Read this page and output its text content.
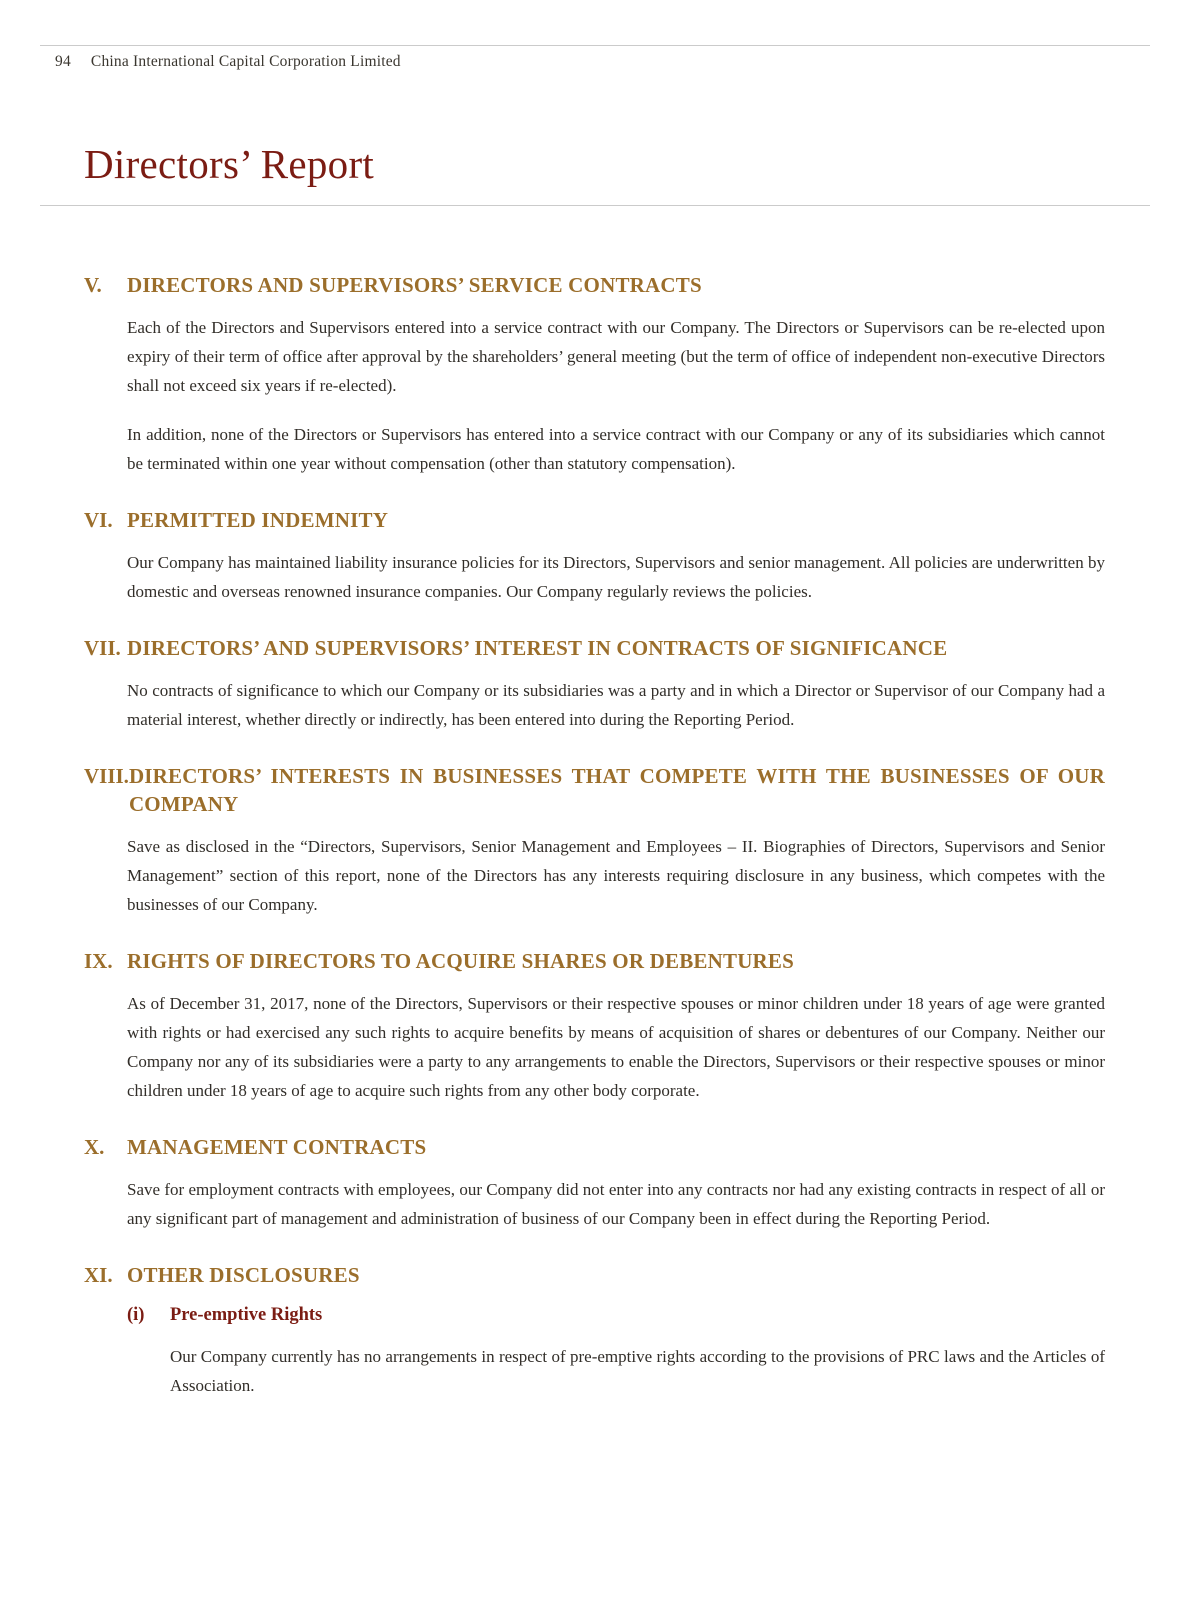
94 China International Capital Corporation Limited
Directors’ Report
V.	DIRECTORS AND SUPERVISORS’ SERVICE CONTRACTS

Each of the Directors and Supervisors entered into a service contract with our Company. The Directors or Supervisors can be re-elected upon expiry of their term of office after approval by the shareholders’ general meeting (but the term of office of independent non-executive Directors shall not exceed six years if re-elected).

In addition, none of the Directors or Supervisors has entered into a service contract with our Company or any of its subsidiaries which cannot be terminated within one year without compensation (other than statutory compensation).

VI. PERMITTED INDEMNITY

Our Company has maintained liability insurance policies for its Directors, Supervisors and senior management. All policies are underwritten by domestic and overseas renowned insurance companies. Our Company regularly reviews the policies.

VII. DIRECTORS’ AND SUPERVISORS’ INTEREST IN CONTRACTS OF SIGNIFICANCE

No contracts of significance to which our Company or its subsidiaries was a party and in which a Director or Supervisor of our Company had a material interest, whether directly or indirectly, has been entered into during the Reporting Period.

VIII. DIRECTORS’ INTERESTS IN BUSINESSES THAT COMPETE WITH THE BUSINESSES OF OUR COMPANY

Save as disclosed in the “Directors, Supervisors, Senior Management and Employees – II. Biographies of Directors, Supervisors and Senior Management” section of this report, none of the Directors has any interests requiring disclosure in any business, which competes with the businesses of our Company.

IX. RIGHTS OF DIRECTORS TO ACQUIRE SHARES OR DEBENTURES

As of December 31, 2017, none of the Directors, Supervisors or their respective spouses or minor children under 18 years of age were granted with rights or had exercised any such rights to acquire benefits by means of acquisition of shares or debentures of our Company. Neither our Company nor any of its subsidiaries were a party to any arrangements to enable the Directors, Supervisors or their respective spouses or minor children under 18 years of age to acquire such rights from any other body corporate.

X.	MANAGEMENT CONTRACTS

Save for employment contracts with employees, our Company did not enter into any contracts nor had any existing contracts in respect of all or any significant part of management and administration of business of our Company been in effect during the Reporting Period.

XI. OTHER DISCLOSURES
(i)	Pre-emptive Rights

Our Company currently has no arrangements in respect of pre-emptive rights according to the provisions of PRC laws and the Articles of Association.
